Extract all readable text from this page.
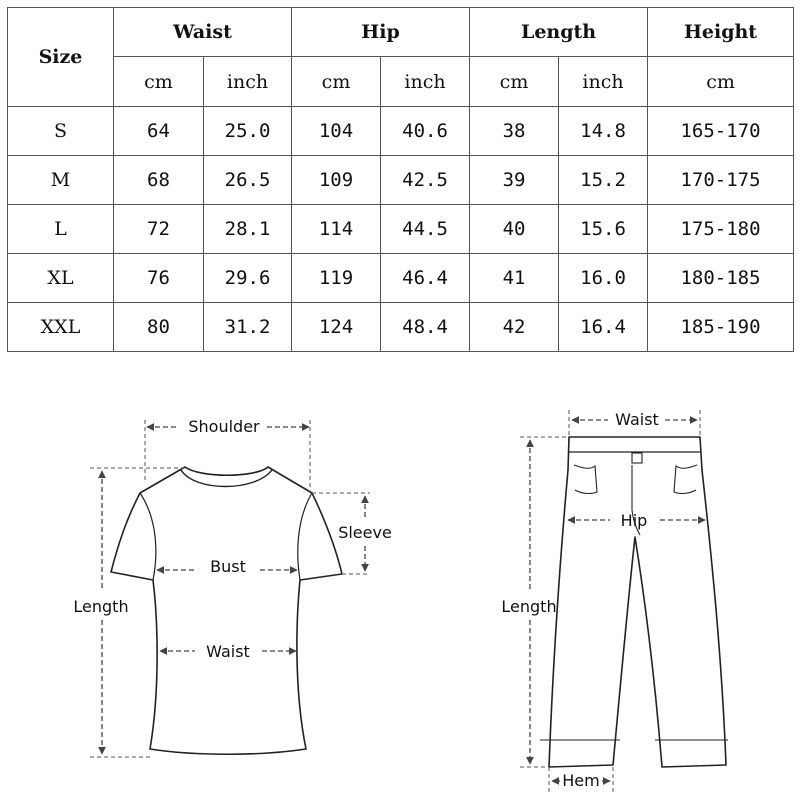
Size	Waist		Hip		Length		Height
	cm	inch	cm	inch	cm	inch	cm
S	64	25.0	104	40.6	38	14.8	165-170
M	68	26.5	109	42.5	39	15.2	170-175
L	72	28.1	114	44.5	40	15.6	175-180
XL	76	29.6	119	46.4	41	16.0	180-185
XXL	80	31.2	124	48.4	42	16.4	185-190
Shoulder
Sleeve
Bust
Waist
Length
Waist
Hip
Length
Hem
